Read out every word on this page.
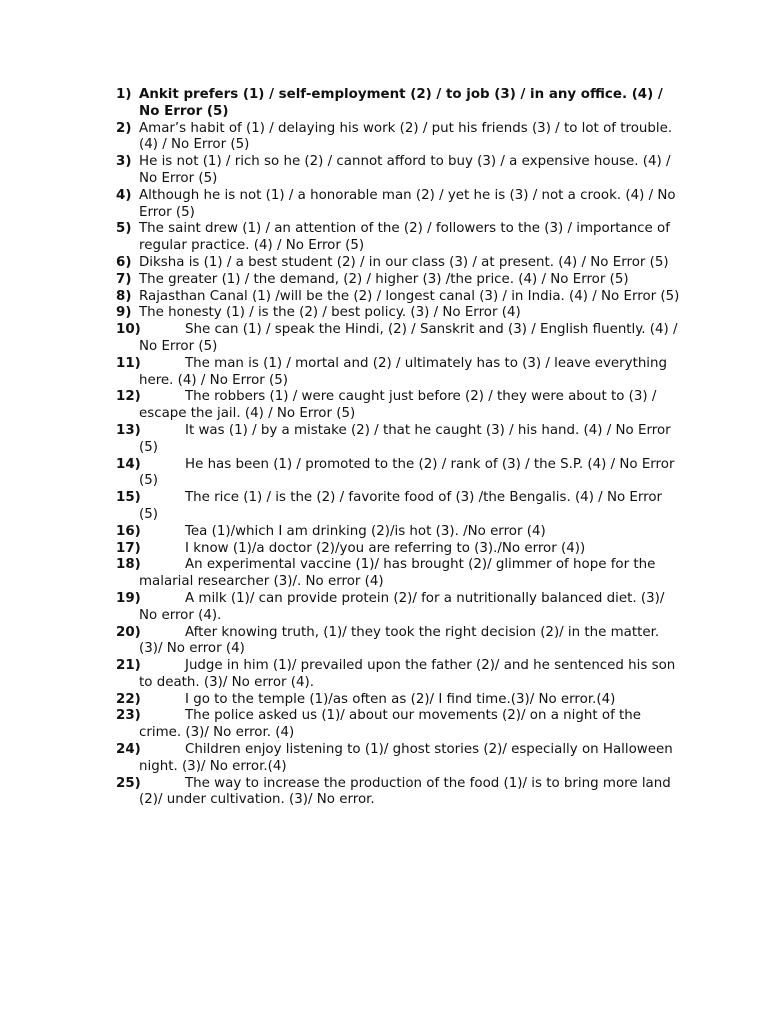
1) Ankit prefers (1) / self-employment (2) / to job (3) / in any office. (4) / No Error (5)
2) Amar’s habit of (1) / delaying his work (2) / put his friends (3) / to lot of trouble. (4) / No Error (5)
3) He is not (1) / rich so he (2) / cannot afford to buy (3) / a expensive house. (4) / No Error (5)
4) Although he is not (1) / a honorable man (2) / yet he is (3) / not a crook. (4) / No Error (5)
5) The saint drew (1) / an attention of the (2) / followers to the (3) / importance of regular practice. (4) / No Error (5)
6) Diksha is (1) / a best student (2) / in our class (3) / at present. (4) / No Error (5)
7) The greater (1) / the demand, (2) / higher (3) /the price. (4) / No Error (5)
8) Rajasthan Canal (1) /will be the (2) / longest canal (3) / in India. (4) / No Error (5)
9) The honesty (1) / is the (2) / best policy. (3) / No Error (4)
10)	She can (1) / speak the Hindi, (2) / Sanskrit and (3) / English fluently. (4) / No Error (5)
11)	The man is (1) / mortal and (2) / ultimately has to (3) / leave everything here. (4) / No Error (5)
12)	The robbers (1) / were caught just before (2) / they were about to (3) / escape the jail. (4) / No Error (5)
13)	It was (1) / by a mistake (2) / that he caught (3) / his hand. (4) / No Error (5)
14)	He has been (1) / promoted to the (2) / rank of (3) / the S.P. (4) / No Error (5)
15)	The rice (1) / is the (2) / favorite food of (3) /the Bengalis. (4) / No Error (5)
16)	Tea (1)/which I am drinking (2)/is hot (3). /No error (4)
17)	I know (1)/a doctor (2)/you are referring to (3)./No error (4))
18)	An experimental vaccine (1)/ has brought (2)/ glimmer of hope for the malarial researcher (3)/. No error (4)
19)	A milk (1)/ can provide protein (2)/ for a nutritionally balanced diet. (3)/ No error (4).
20)	After knowing truth, (1)/ they took the right decision (2)/ in the matter. (3)/ No error (4)
21)	Judge in him (1)/ prevailed upon the father (2)/ and he sentenced his son to death. (3)/ No error (4).
22)	I go to the temple (1)/as often as (2)/ I find time.(3)/ No error.(4)
23)	The police asked us (1)/ about our movements (2)/ on a night of the crime. (3)/ No error. (4)
24)	Children enjoy listening to (1)/ ghost stories (2)/ especially on Halloween night. (3)/ No error.(4)
25)	The way to increase the production of the food (1)/ is to bring more land (2)/ under cultivation. (3)/ No error.
